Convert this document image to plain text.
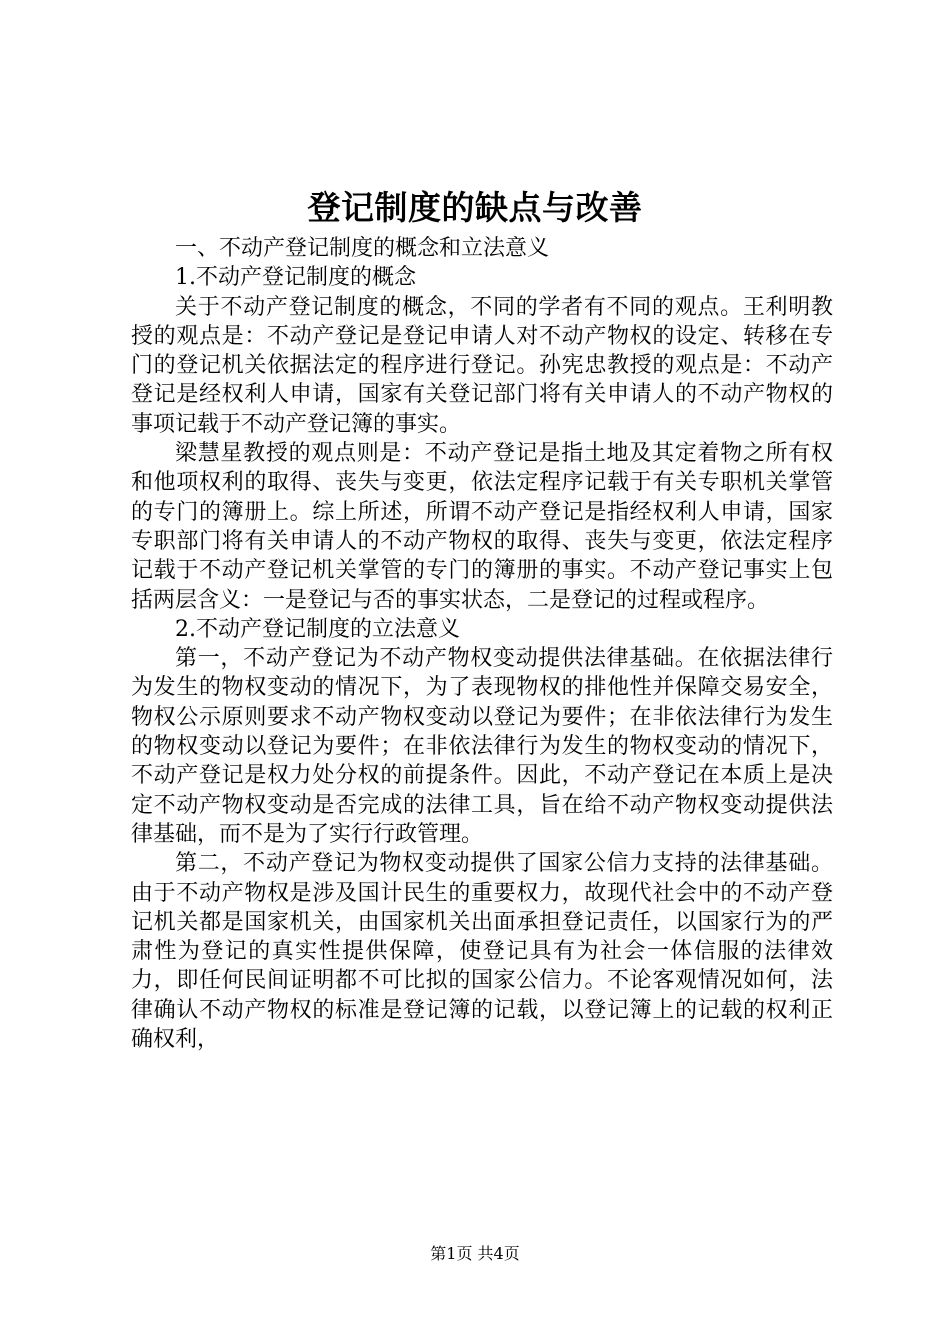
登记制度的缺点与改善

一、不动产登记制度的概念和立法意义

1.不动产登记制度的概念

关于不动产登记制度的概念，不同的学者有不同的观点。王利明教授的观点是：不动产登记是登记申请人对不动产物权的设定、转移在专门的登记机关依据法定的程序进行登记。孙宪忠教授的观点是：不动产登记是经权利人申请，国家有关登记部门将有关申请人的不动产物权的事项记载于不动产登记簿的事实。

梁慧星教授的观点则是：不动产登记是指土地及其定着物之所有权和他项权利的取得、丧失与变更，依法定程序记载于有关专职机关掌管的专门的簿册上。综上所述，所谓不动产登记是指经权利人申请，国家专职部门将有关申请人的不动产物权的取得、丧失与变更，依法定程序记载于不动产登记机关掌管的专门的簿册的事实。不动产登记事实上包括两层含义：一是登记与否的事实状态，二是登记的过程或程序。

2.不动产登记制度的立法意义

第一，不动产登记为不动产物权变动提供法律基础。在依据法律行为发生的物权变动的情况下，为了表现物权的排他性并保障交易安全，物权公示原则要求不动产物权变动以登记为要件；在非依法律行为发生的物权变动以登记为要件；在非依法律行为发生的物权变动的情况下，不动产登记是权力处分权的前提条件。因此，不动产登记在本质上是决定不动产物权变动是否完成的法律工具，旨在给不动产物权变动提供法律基础，而不是为了实行行政管理。

第二，不动产登记为物权变动提供了国家公信力支持的法律基础。由于不动产物权是涉及国计民生的重要权力，故现代社会中的不动产登记机关都是国家机关，由国家机关出面承担登记责任，以国家行为的严肃性为登记的真实性提供保障，使登记具有为社会一体信服的法律效力，即任何民间证明都不可比拟的国家公信力。不论客观情况如何，法律确认不动产物权的标准是登记簿的记载，以登记簿上的记载的权利正确权利，

第1页 共4页
